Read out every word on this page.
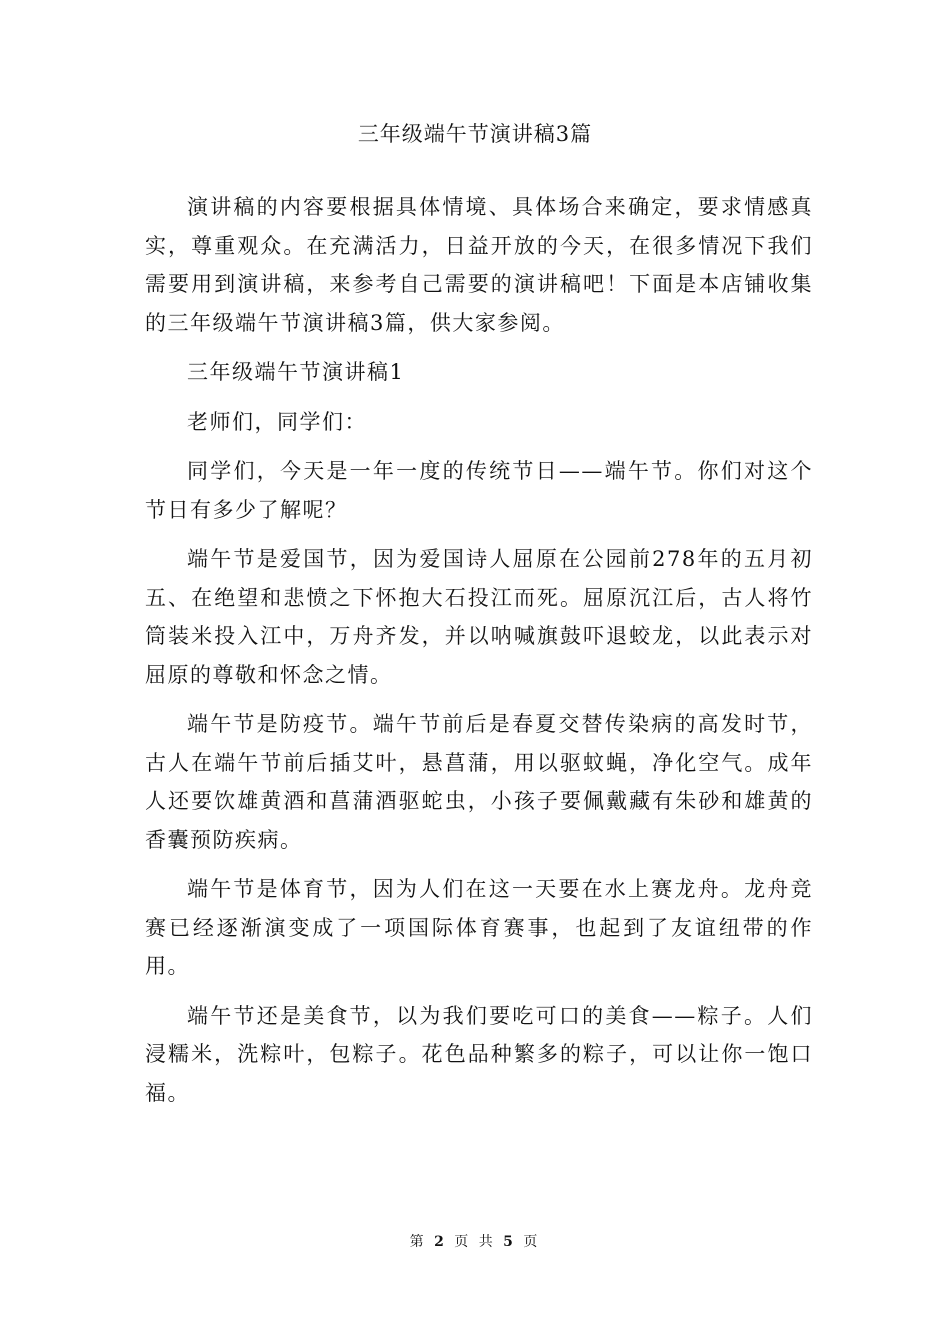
三年级端午节演讲稿3篇

演讲稿的内容要根据具体情境、具体场合来确定，要求情感真实，尊重观众。在充满活力，日益开放的今天，在很多情况下我们需要用到演讲稿，来参考自己需要的演讲稿吧！下面是本店铺收集的三年级端午节演讲稿3篇，供大家参阅。

三年级端午节演讲稿1

老师们，同学们：

同学们，今天是一年一度的传统节日——端午节。你们对这个节日有多少了解呢？

端午节是爱国节，因为爱国诗人屈原在公园前278年的五月初五、在绝望和悲愤之下怀抱大石投江而死。屈原沉江后，古人将竹筒装米投入江中，万舟齐发，并以呐喊旗鼓吓退蛟龙，以此表示对屈原的尊敬和怀念之情。

端午节是防疫节。端午节前后是春夏交替传染病的高发时节，古人在端午节前后插艾叶，悬菖蒲，用以驱蚊蝇，净化空气。成年人还要饮雄黄酒和菖蒲酒驱蛇虫，小孩子要佩戴藏有朱砂和雄黄的香囊预防疾病。

端午节是体育节，因为人们在这一天要在水上赛龙舟。龙舟竞赛已经逐渐演变成了一项国际体育赛事，也起到了友谊纽带的作用。

端午节还是美食节，以为我们要吃可口的美食——粽子。人们浸糯米，洗粽叶，包粽子。花色品种繁多的粽子，可以让你一饱口福。

第 2 页 共 5 页
